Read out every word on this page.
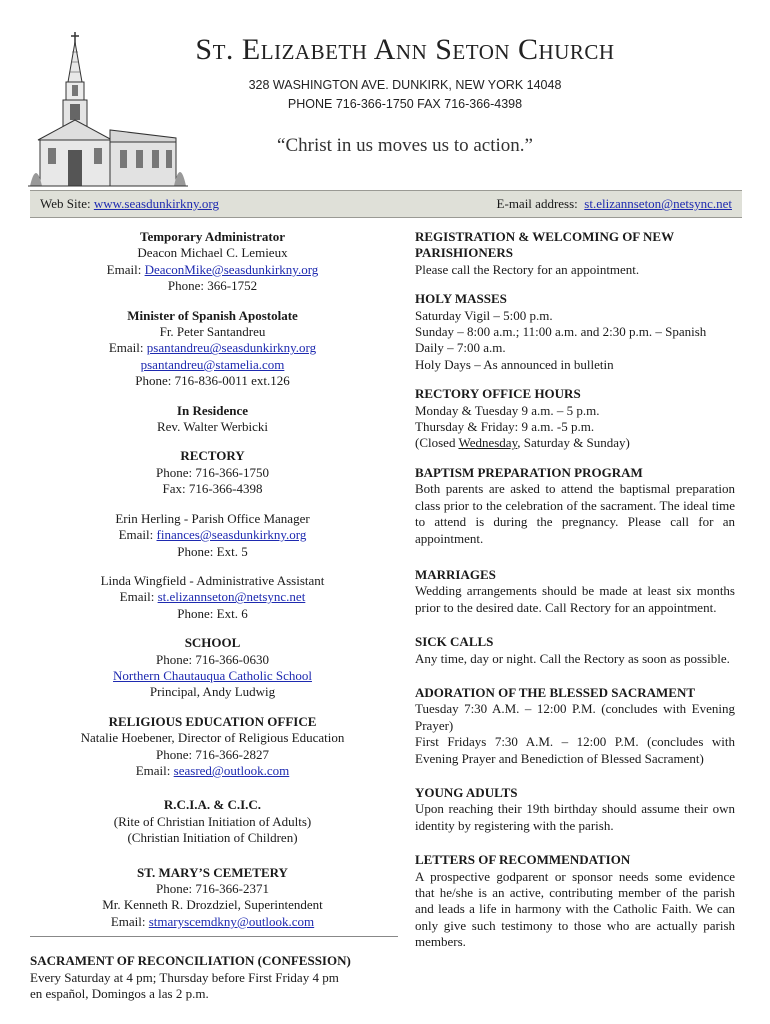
St. Elizabeth Ann Seton Church
328 WASHINGTON AVE. DUNKIRK, NEW YORK 14048
PHONE 716-366-1750 FAX 716-366-4398
“Christ in us moves us to action.”
Web Site: www.seasdunkirkny.org	E-mail address: st.elizannseton@netsync.net
Temporary Administrator
Deacon Michael C. Lemieux
Email: DeaconMike@seasdunkirkny.org
Phone: 366-1752
Minister of Spanish Apostolate
Fr. Peter Santandreu
Email: psantandreu@seasdunkirkny.org
psantandreu@stamelia.com
Phone: 716-836-0011 ext.126
In Residence
Rev. Walter Werbicki
RECTORY
Phone: 716-366-1750
Fax: 716-366-4398
Erin Herling - Parish Office Manager
Email: finances@seasdunkirkny.org
Phone: Ext. 5
Linda Wingfield - Administrative Assistant
Email: st.elizannseton@netsync.net
Phone: Ext. 6
SCHOOL
Phone: 716-366-0630
Northern Chautauqua Catholic School
Principal, Andy Ludwig
RELIGIOUS EDUCATION OFFICE
Natalie Hoebener, Director of Religious Education
Phone: 716-366-2827
Email: seasred@outlook.com
R.C.I.A. & C.I.C.
(Rite of Christian Initiation of Adults)
(Christian Initiation of Children)
ST. MARY’S CEMETERY
Phone: 716-366-2371
Mr. Kenneth R. Drozdziel, Superintendent
Email: stmaryscemdkny@outlook.com
SACRAMENT OF RECONCILIATION (CONFESSION)
Every Saturday at 4 pm; Thursday before First Friday 4 pm
en español, Domingos a las 2 p.m.
REGISTRATION & WELCOMING OF NEW
PARISHIONERS
Please call the Rectory for an appointment.
HOLY MASSES
Saturday Vigil – 5:00 p.m.
Sunday – 8:00 a.m.; 11:00 a.m. and 2:30 p.m. – Spanish
Daily – 7:00 a.m.
Holy Days – As announced in bulletin
RECTORY OFFICE HOURS
Monday & Tuesday 9 a.m. – 5 p.m.
Thursday & Friday: 9 a.m. -5 p.m.
(Closed Wednesday, Saturday & Sunday)
BAPTISM PREPARATION PROGRAM
Both parents are asked to attend the baptismal preparation class prior to the celebration of the sacrament. The ideal time to attend is during the pregnancy. Please call for an appointment.
MARRIAGES
Wedding arrangements should be made at least six months prior to the desired date. Call Rectory for an appointment.
SICK CALLS
Any time, day or night. Call the Rectory as soon as possible.
ADORATION OF THE BLESSED SACRAMENT
Tuesday 7:30 A.M. – 12:00 P.M. (concludes with Evening Prayer)
First Fridays 7:30 A.M. – 12:00 P.M. (concludes with Evening Prayer and Benediction of Blessed Sacrament)
YOUNG ADULTS
Upon reaching their 19th birthday should assume their own identity by registering with the parish.
LETTERS OF RECOMMENDATION
A prospective godparent or sponsor needs some evidence that he/she is an active, contributing member of the parish and leads a life in harmony with the Catholic Faith. We can only give such testimony to those who are actually parish members.
